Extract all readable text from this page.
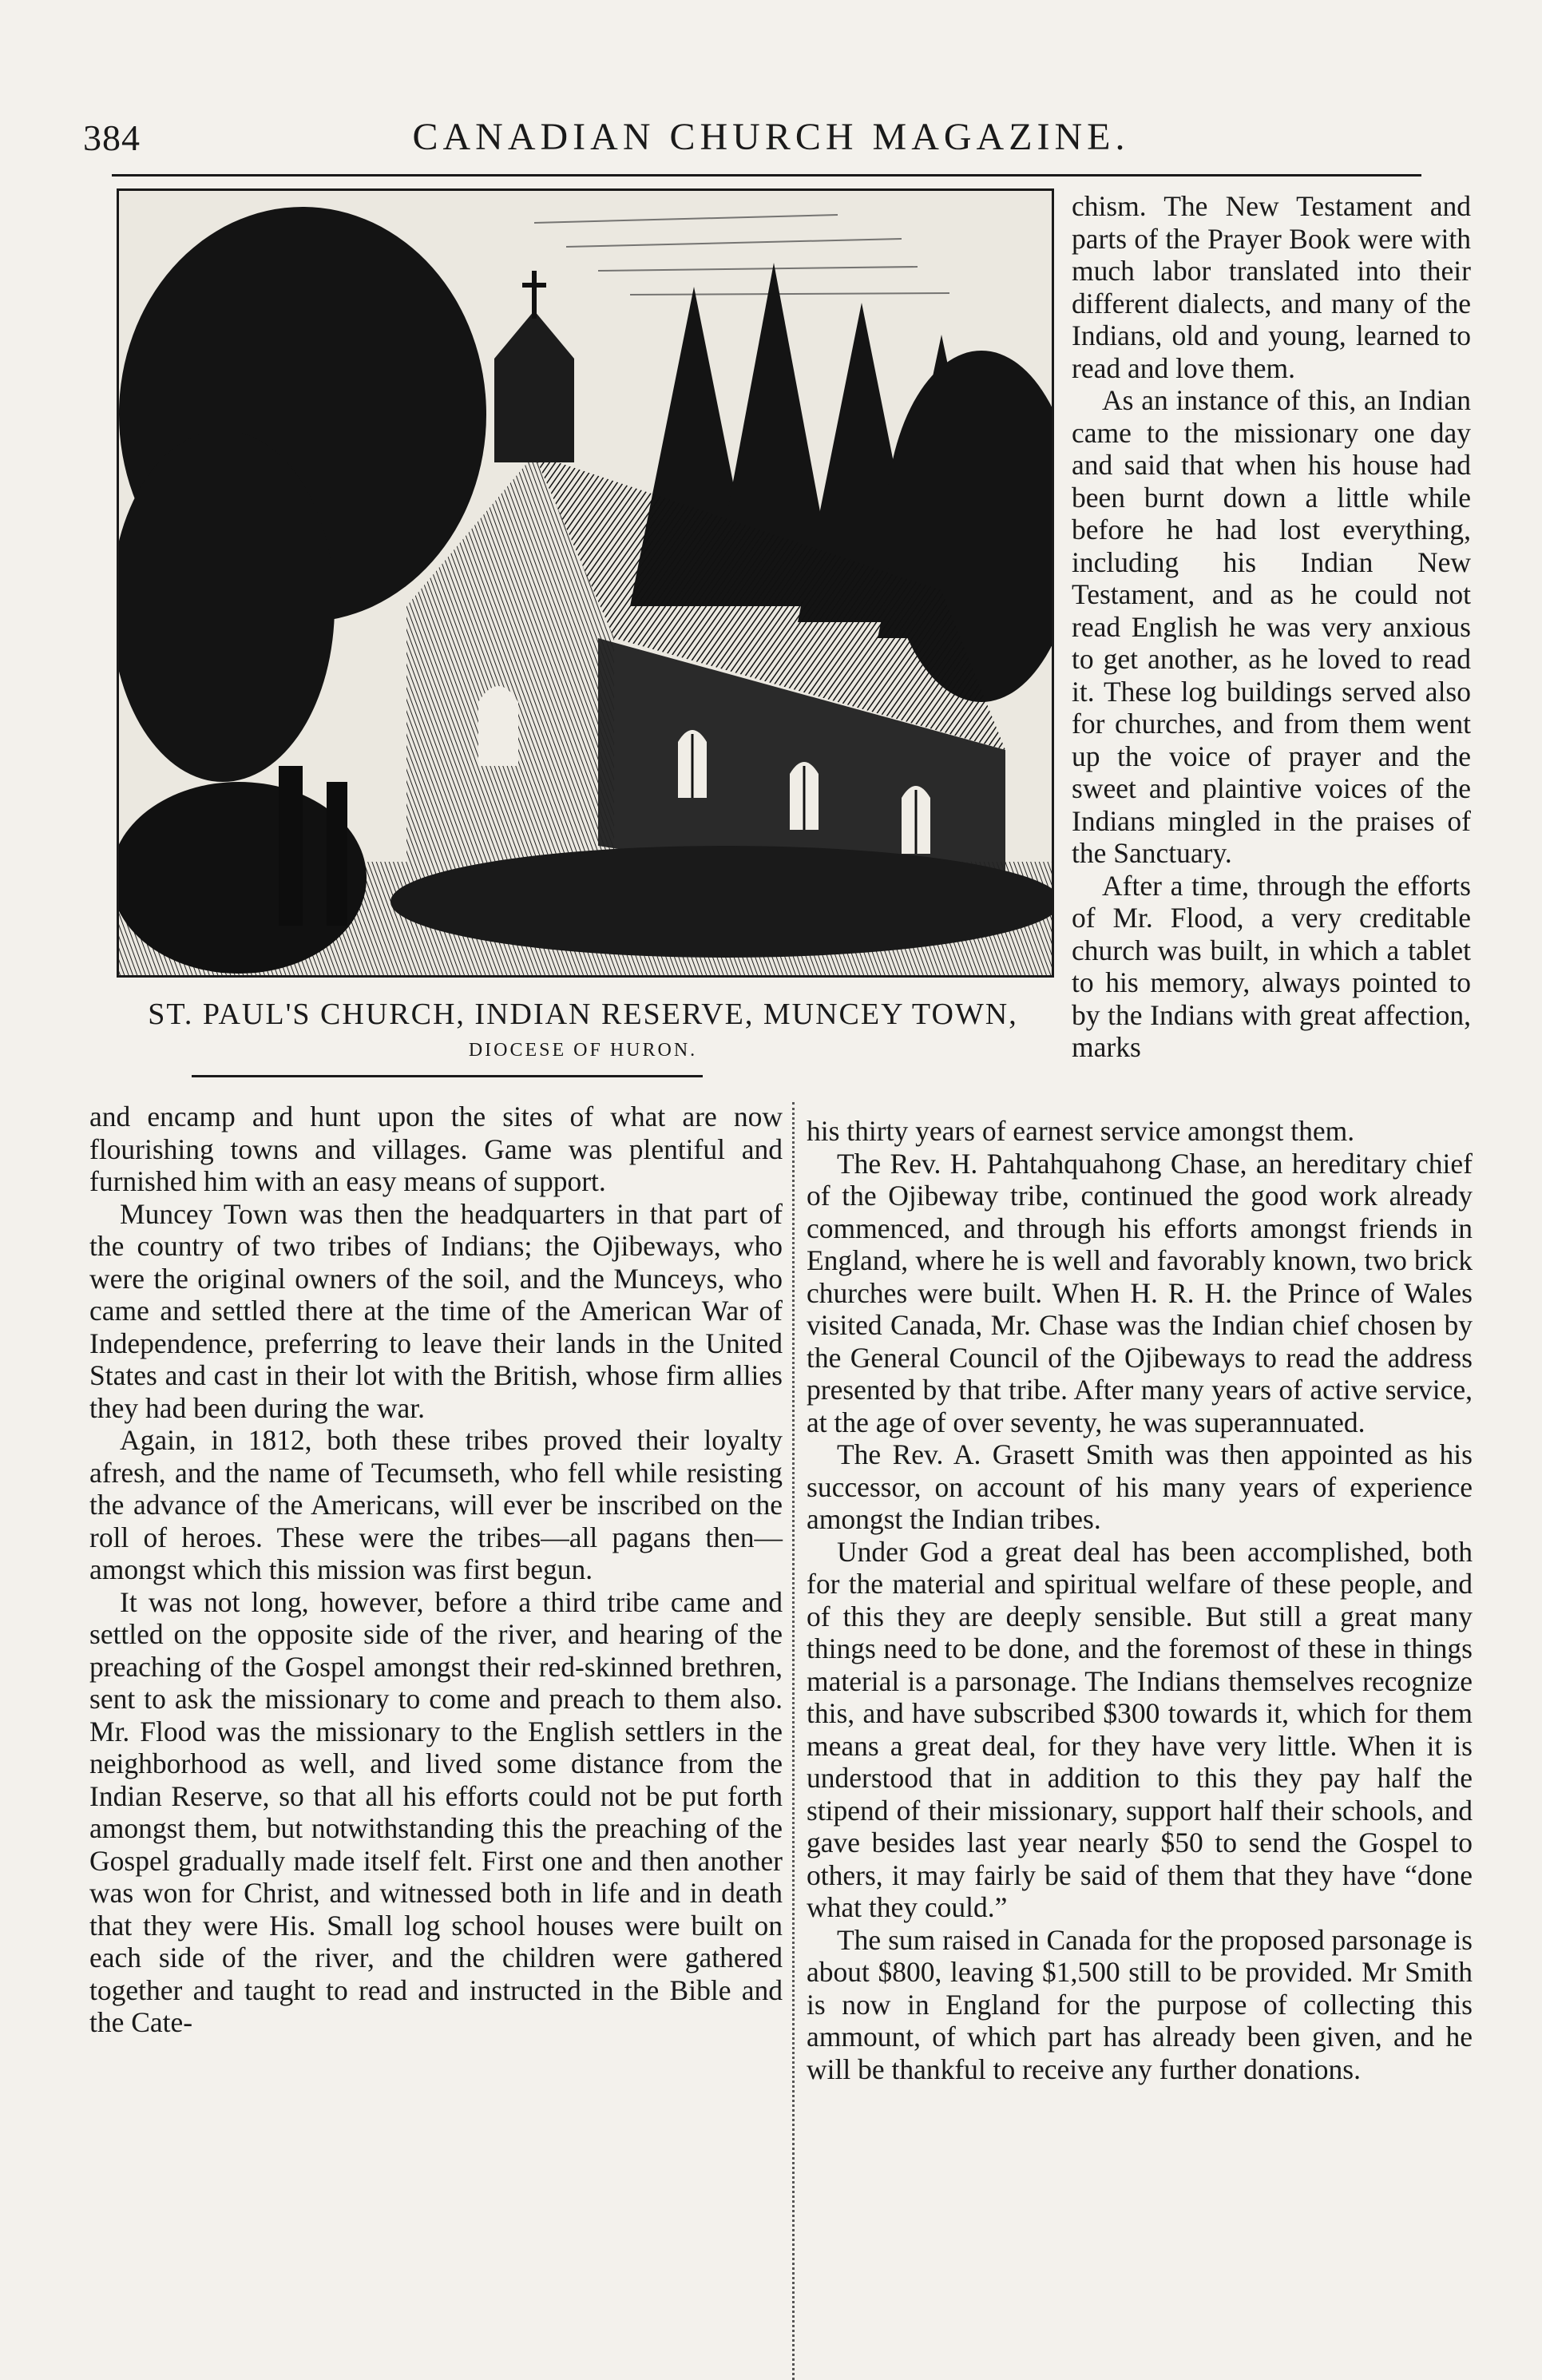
384	CANADIAN CHURCH MAGAZINE.
ST. PAUL'S CHURCH, INDIAN RESERVE, MUNCEY TOWN,
DIOCESE OF HURON.

chism. The New Testament and parts of the Prayer Book were with much labor translated into their different dialects, and many of the Indians, old and young, learned to read and love them.

As an instance of this, an Indian came to the missionary one day and said that when his house had been burnt down a little while before he had lost everything, including his Indian New Testament, and as he could not read English he was very anxious to get another, as he loved to read it. These log buildings served also for churches, and from them went up the voice of prayer and the sweet and plaintive voices of the Indians mingled in the praises of the Sanctuary.

After a time, through the efforts of Mr. Flood, a very creditable church was built, in which a tablet to his memory, always pointed to by the Indians with great affection, marks

and encamp and hunt upon the sites of what are now flourishing towns and villages. Game was plentiful and furnished him with an easy means of support.

Muncey Town was then the headquarters in that part of the country of two tribes of Indians; the Ojibeways, who were the original owners of the soil, and the Munceys, who came and settled there at the time of the American War of Independence, preferring to leave their lands in the United States and cast in their lot with the British, whose firm allies they had been during the war.

Again, in 1812, both these tribes proved their loyalty afresh, and the name of Tecumseth, who fell while resisting the advance of the Americans, will ever be inscribed on the roll of heroes. These were the tribes—all pagans then—amongst which this mission was first begun.

It was not long, however, before a third tribe came and settled on the opposite side of the river, and hearing of the preaching of the Gospel amongst their red-skinned brethren, sent to ask the missionary to come and preach to them also. Mr. Flood was the missionary to the English settlers in the neighborhood as well, and lived some distance from the Indian Reserve, so that all his efforts could not be put forth amongst them, but notwithstanding this the preaching of the Gospel gradually made itself felt. First one and then another was won for Christ, and witnessed both in life and in death that they were His. Small log school houses were built on each side of the river, and the children were gathered together and taught to read and instructed in the Bible and the Cate-

his thirty years of earnest service amongst them.

The Rev. H. Pahtahquahong Chase, an hereditary chief of the Ojibeway tribe, continued the good work already commenced, and through his efforts amongst friends in England, where he is well and favorably known, two brick churches were built. When H. R. H. the Prince of Wales visited Canada, Mr. Chase was the Indian chief chosen by the General Council of the Ojibeways to read the address presented by that tribe. After many years of active service, at the age of over seventy, he was superannuated.

The Rev. A. Grasett Smith was then appointed as his successor, on account of his many years of experience amongst the Indian tribes.

Under God a great deal has been accomplished, both for the material and spiritual welfare of these people, and of this they are deeply sensible. But still a great many things need to be done, and the foremost of these in things material is a parsonage. The Indians themselves recognize this, and have subscribed $300 towards it, which for them means a great deal, for they have very little. When it is understood that in addition to this they pay half the stipend of their missionary, support half their schools, and gave besides last year nearly $50 to send the Gospel to others, it may fairly be said of them that they have “done what they could.”

The sum raised in Canada for the proposed parsonage is about $800, leaving $1,500 still to be provided. Mr Smith is now in England for the purpose of collecting this ammount, of which part has already been given, and he will be thankful to receive any further donations.
